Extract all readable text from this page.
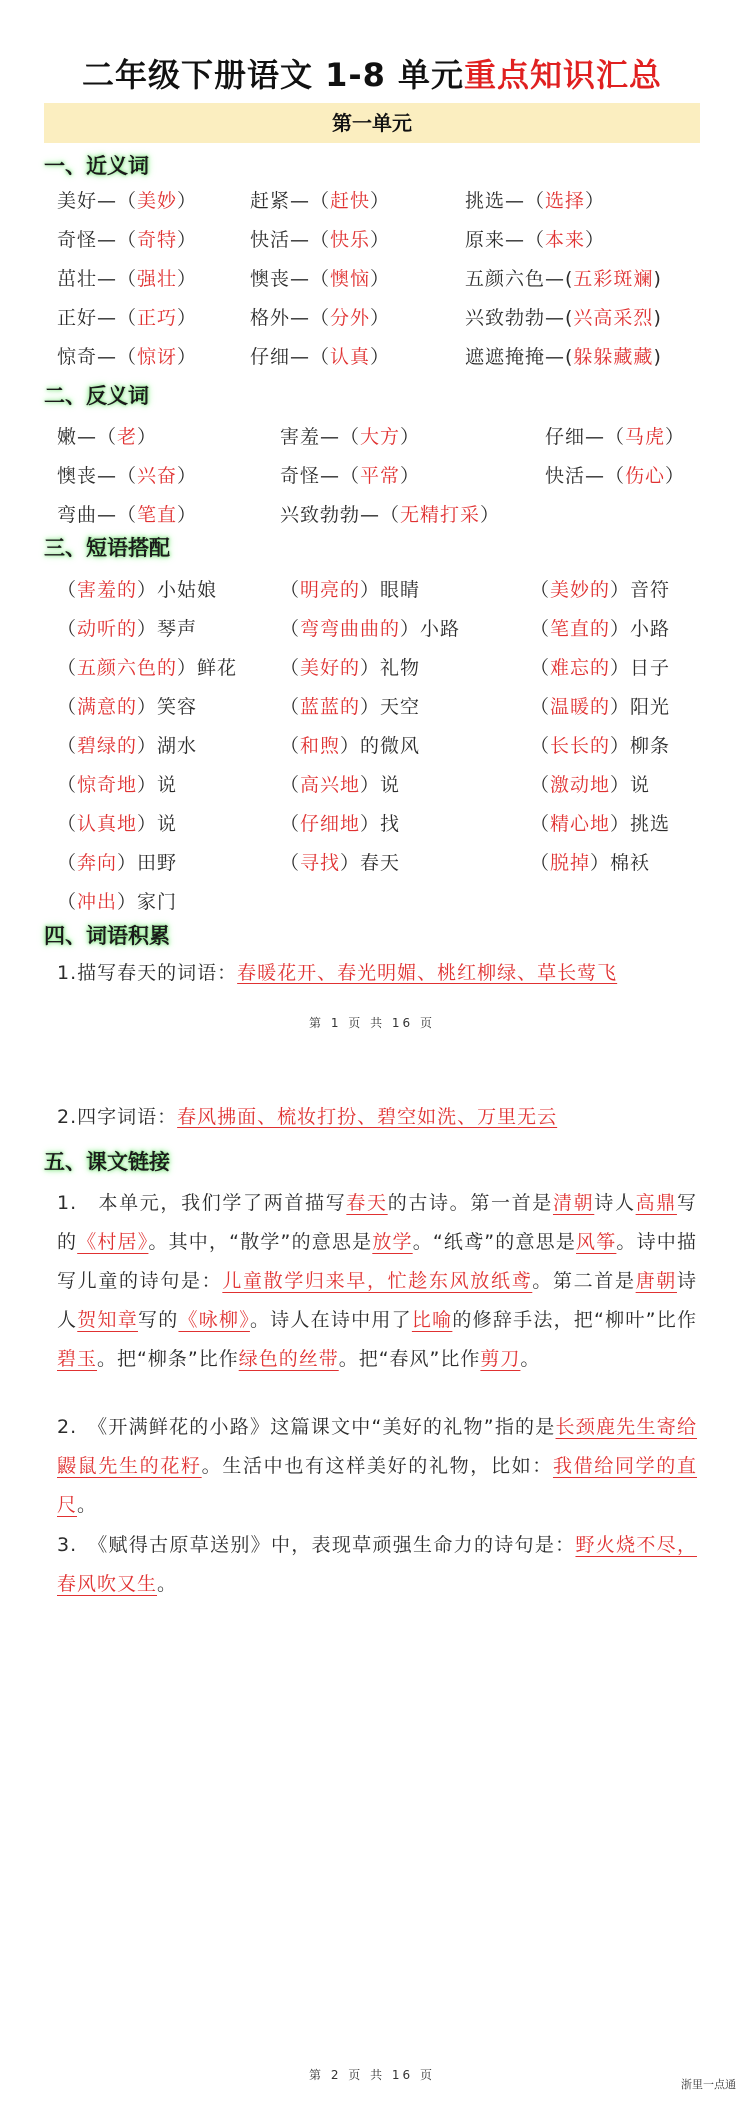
二年级下册语文 1-8 单元重点知识汇总
第一单元
一、近义词
美好—（美妙）	赶紧—（赶快）	挑选—（选择）
奇怪—（奇特）	快活—（快乐）	原来—（本来）
茁壮—（强壮）	懊丧—（懊恼）	五颜六色—(五彩斑斓)
正好—（正巧）	格外—（分外）	兴致勃勃—(兴高采烈)
惊奇—（惊讶）	仔细—（认真）	遮遮掩掩—(躲躲藏藏)
二、反义词
嫩—（老）	害羞—（大方）	仔细—（马虎）
懊丧—（兴奋）	奇怪—（平常）	快活—（伤心）
弯曲—（笔直）	兴致勃勃—（无精打采）
三、短语搭配
（害羞的）小姑娘	（明亮的）眼睛	（美妙的）音符
（动听的）琴声	（弯弯曲曲的）小路	（笔直的）小路
（五颜六色的）鲜花 （美好的）礼物	（难忘的）日子
（满意的）笑容	（蓝蓝的）天空	（温暖的）阳光
（碧绿的）湖水	（和煦）的微风	（长长的）柳条
（惊奇地）说	（高兴地）说	（激动地）说
（认真地）说	（仔细地）找	（精心地）挑选
（奔向）田野	（寻找）春天	（脱掉）棉袄
（冲出）家门
四、词语积累
1.描写春天的词语：春暖花开、春光明媚、桃红柳绿、草长莺飞
第 1 页 共 16 页
2.四字词语：春风拂面、梳妆打扮、碧空如洗、万里无云
五、课文链接
1.　本单元，我们学了两首描写春天的古诗。第一首是清朝诗人高鼎写的《村居》。其中，“散学”的意思是放学。“纸鸢”的意思是风筝。诗中描写儿童的诗句是：儿童散学归来早，忙趁东风放纸鸢。第二首是唐朝诗人贺知章写的《咏柳》。诗人在诗中用了比喻的修辞手法，把“柳叶”比作碧玉。把“柳条”比作绿色的丝带。把“春风”比作剪刀。
2.　《开满鲜花的小路》这篇课文中“美好的礼物”指的是长颈鹿先生寄给鼹鼠先生的花籽。生活中也有这样美好的礼物，比如：我借给同学的直尺。
3.　《赋得古原草送别》中，表现草顽强生命力的诗句是：野火烧不尽，春风吹又生。
第 2 页 共 16 页
浙里一点通
